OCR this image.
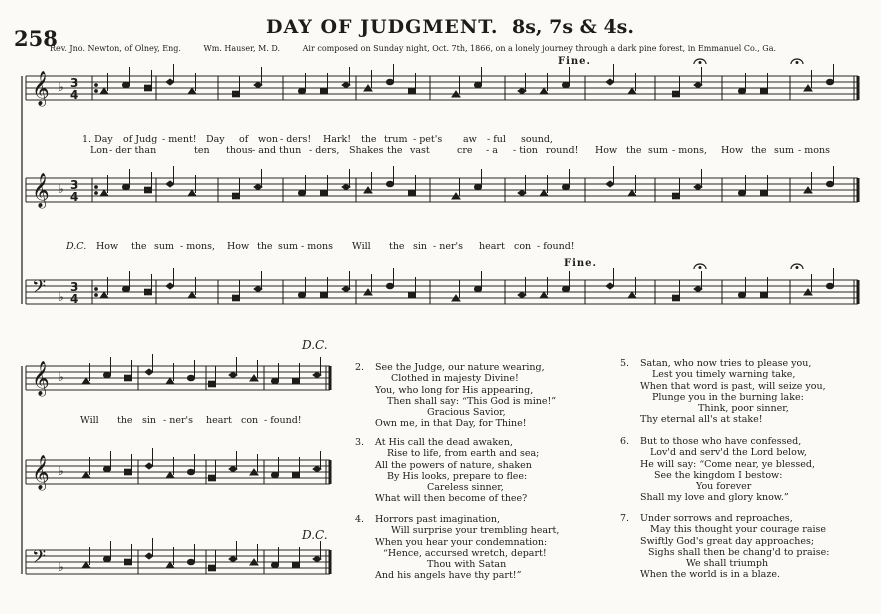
258	DAY OF JUDGMENT. 8s, 7s & 4s.
Rev. Jno. Newton, of Olney, Eng.	Wm. Hauser, M. D.	Air composed on Sunday night, Oct. 7th, 1866, on a lonely journey through a dark pine forest, in Emmanuel Co., Ga.
𝄞 ♭ 3
4
𝄞 ♭ 3
4
𝄢 ♭
3
4
𝄞 ♭
𝄞 ♭
𝄢 ♭
Fine.
Fine.
D.C.
D.C.
1. Day of Judg - ment! Day of won - ders! Hark! the trum - pet's aw - ful sound,
Lon - der than	ten thous - and thun - ders, Shakes the vast	cre - a - tion round! How the sum - mons, How the sum - mons
D.C. How the sum - mons, How the sum - mons Will the sin - ner's heart con - found!
Will the sin - ner's heart con - found!
2. See the Judge, our nature wearing,
Clothed in majesty Divine!
You, who long for His appearing,
Then shall say: “This God is mine!”
Gracious Savior,
Own me, in that Day, for Thine!
3. At His call the dead awaken,
Rise to life, from earth and sea;
All the powers of nature, shaken
By His looks, prepare to flee:
Careless sinner,
What will then become of thee?
4. Horrors past imagination,
Will surprise your trembling heart,
When you hear your condemnation:
“Hence, accursed wretch, depart!
Thou with Satan
And his angels have thy part!”
5. Satan, who now tries to please you,
Lest you timely warning take,
When that word is past, will seize you,
Plunge you in the burning lake:
Think, poor sinner,
Thy eternal all's at stake!
6. But to those who have confessed,
Lov'd and serv'd the Lord below,
He will say: “Come near, ye blessed,
See the kingdom I bestow:
You forever
Shall my love and glory know.”
7. Under sorrows and reproaches,
May this thought your courage raise
Swiftly God's great day approaches;
Sighs shall then be chang'd to praise:
We shall triumph
When the world is in a blaze.
